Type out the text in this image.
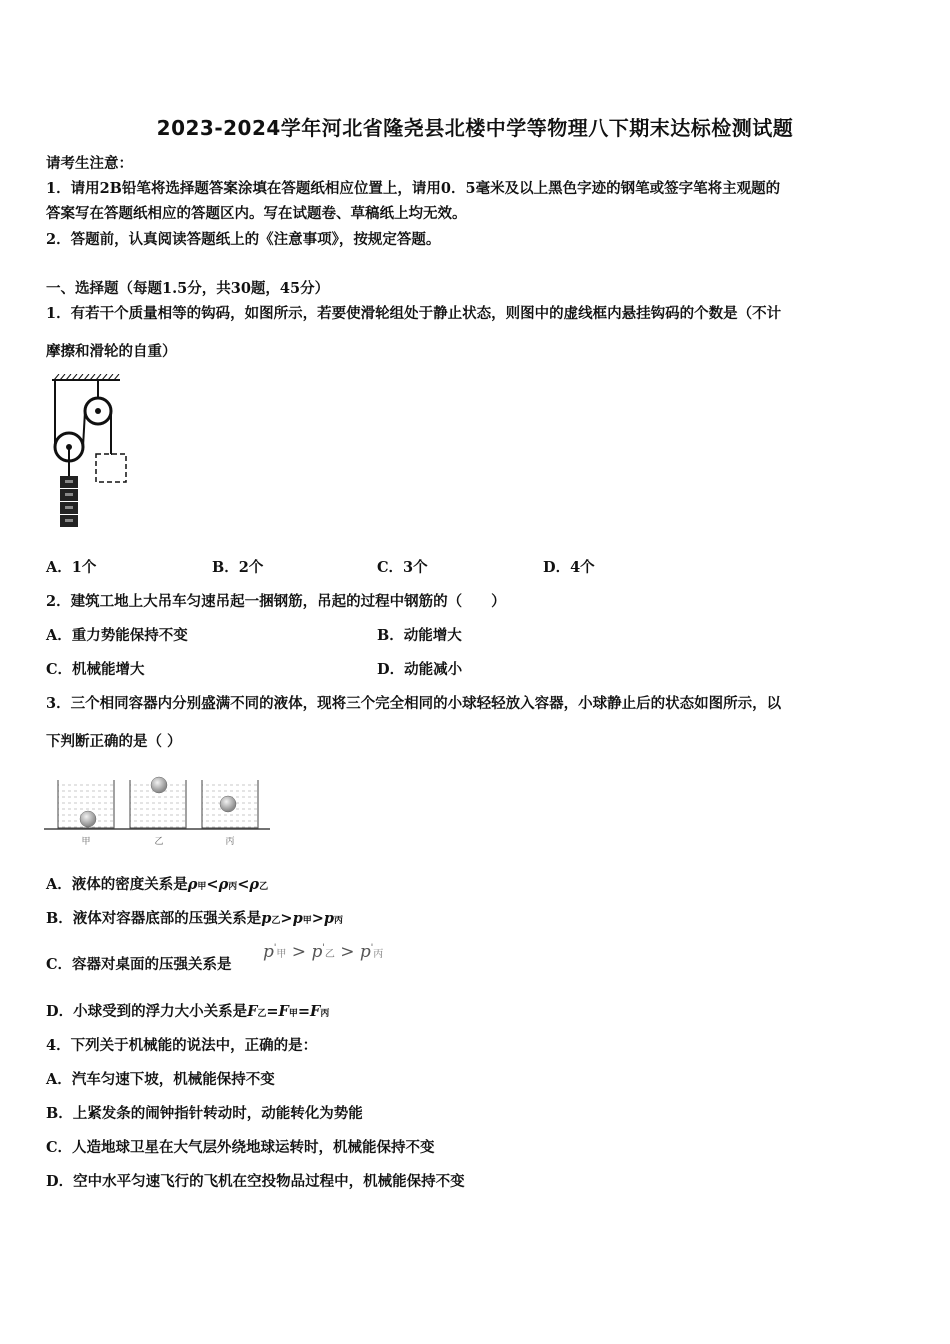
2023-2024学年河北省隆尧县北楼中学等物理八下期末达标检测试题
请考生注意：
1．请用2B铅笔将选择题答案涂填在答题纸相应位置上，请用0．5毫米及以上黑色字迹的钢笔或签字笔将主观题的
答案写在答题纸相应的答题区内。写在试题卷、草稿纸上均无效。
2．答题前，认真阅读答题纸上的《注意事项》，按规定答题。
一、选择题（每题1.5分，共30题，45分）
1．有若干个质量相等的钩码，如图所示，若要使滑轮组处于静止状态，则图中的虚线框内悬挂钩码的个数是（不计
摩擦和滑轮的自重）
A．1个	B．2个	C．3个	D．4个
2．建筑工地上大吊车匀速吊起一捆钢筋，吊起的过程中钢筋的（　　）
A．重力势能保持不变	B．动能增大
C．机械能增大	D．动能减小
3．三个相同容器内分别盛满不同的液体，现将三个完全相同的小球轻轻放入容器，小球静止后的状态如图所示，以
下判断正确的是（ ）
甲	乙	丙
A．液体的密度关系是ρ甲<ρ丙<ρ乙
B．液体对容器底部的压强关系是p乙>p甲>p丙
C．容器对桌面的压强关系是
p'甲 > p'乙 > p'丙
D．小球受到的浮力大小关系是F乙=F甲=F丙
4．下列关于机械能的说法中，正确的是：
A．汽车匀速下坡，机械能保持不变
B．上紧发条的闹钟指针转动时，动能转化为势能
C．人造地球卫星在大气层外绕地球运转时，机械能保持不变
D．空中水平匀速飞行的飞机在空投物品过程中，机械能保持不变
